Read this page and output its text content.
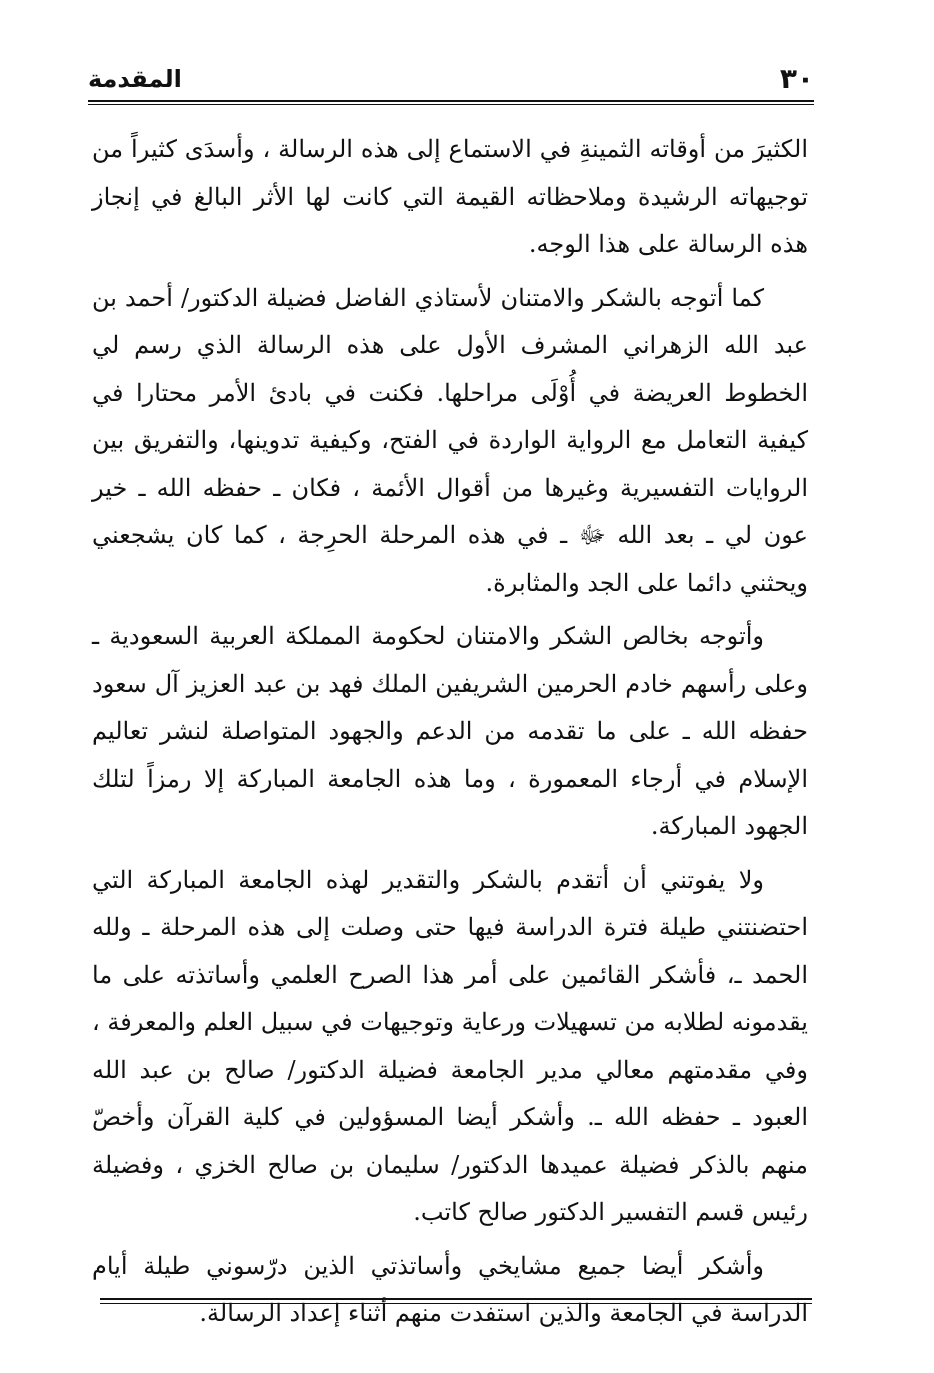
٣٠
المقدمة

الكثيرَ من أوقاته الثمينةِ في الاستماع إلى هذه الرسالة ، وأسدَى كثيراً من توجيهاته الرشيدة وملاحظاته القيمة التي كانت لها الأثر البالغ في إنجاز هذه الرسالة على هذا الوجه.

كما أتوجه بالشكر والامتنان لأستاذي الفاضل فضيلة الدكتور/ أحمد بن عبد الله الزهراني المشرف الأول على هذه الرسالة الذي رسم لي الخطوط العريضة في أُوْلَى مراحلها. فكنت في بادئ الأمر محتارا في كيفية التعامل مع الرواية الواردة في الفتح، وكيفية تدوينها، والتفريق بين الروايات التفسيرية وغيرها من أقوال الأئمة ، فكان ـ حفظه الله ـ خير عون لي ـ بعد الله ﷻ ـ في هذه المرحلة الحرِجة ، كما كان يشجعني ويحثني دائما على الجد والمثابرة.

وأتوجه بخالص الشكر والامتنان لحكومة المملكة العربية السعودية ـ وعلى رأسهم خادم الحرمين الشريفين الملك فهد بن عبد العزيز آل سعود حفظه الله ـ على ما تقدمه من الدعم والجهود المتواصلة لنشر تعاليم الإسلام في أرجاء المعمورة ، وما هذه الجامعة المباركة إلا رمزاً لتلك الجهود المباركة.

ولا يفوتني أن أتقدم بالشكر والتقدير لهذه الجامعة المباركة التي احتضنتني طيلة فترة الدراسة فيها حتى وصلت إلى هذه المرحلة ـ ولله الحمد ـ، فأشكر القائمين على أمر هذا الصرح العلمي وأساتذته على ما يقدمونه لطلابه من تسهيلات ورعاية وتوجيهات في سبيل العلم والمعرفة ، وفي مقدمتهم معالي مدير الجامعة فضيلة الدكتور/ صالح بن عبد الله العبود ـ حفظه الله ـ. وأشكر أيضا المسؤولين في كلية القرآن وأخصّ منهم بالذكر فضيلة عميدها الدكتور/ سليمان بن صالح الخزي ، وفضيلة رئيس قسم التفسير الدكتور صالح كاتب.

وأشكر أيضا جميع مشايخي وأساتذتي الذين درّسوني طيلة أيام الدراسة في الجامعة والذين استفدت منهم أثناء إعداد الرسالة.
